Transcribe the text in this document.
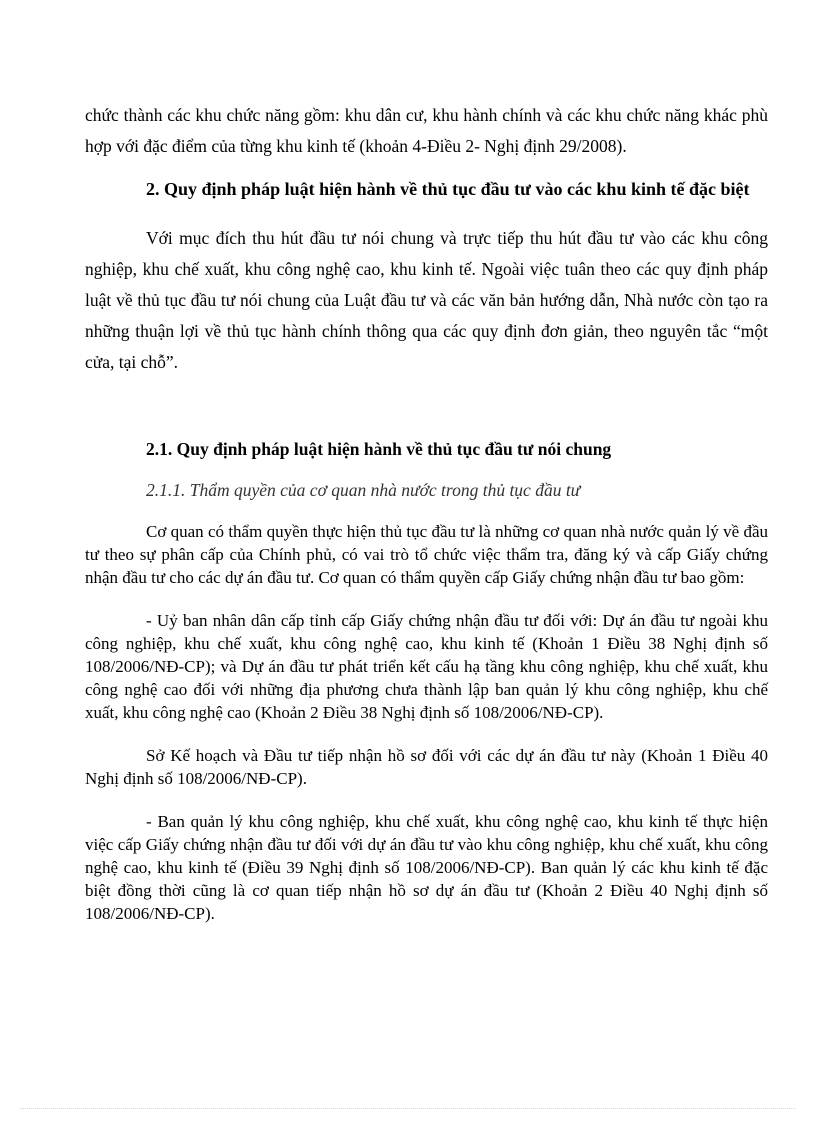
chức thành các khu chức năng gồm: khu dân cư, khu hành chính và các khu chức năng khác phù hợp với đặc điểm của từng khu kinh tế (khoản 4-Điều 2- Nghị định 29/2008).

2. Quy định pháp luật hiện hành về thủ tục đầu tư vào các khu kinh tế đặc biệt

Với mục đích thu hút đầu tư nói chung và trực tiếp thu hút đầu tư vào các khu công nghiệp, khu chế xuất, khu công nghệ cao, khu kinh tế. Ngoài việc tuân theo các quy định pháp luật về thủ tục đầu tư nói chung của Luật đầu tư và các văn bản hướng dẫn, Nhà nước còn tạo ra những thuận lợi về thủ tục hành chính thông qua các quy định đơn giản, theo nguyên tắc “một cửa, tại chỗ”.

2.1. Quy định pháp luật hiện hành về thủ tục đầu tư nói chung

2.1.1. Thẩm quyền của cơ quan nhà nước trong thủ tục đầu tư

Cơ quan có thẩm quyền thực hiện thủ tục đầu tư là những cơ quan nhà nước quản lý về đầu tư theo sự phân cấp của Chính phủ, có vai trò tổ chức việc thẩm tra, đăng ký và cấp Giấy chứng nhận đầu tư cho các dự án đầu tư. Cơ quan có thẩm quyền cấp Giấy chứng nhận đầu tư bao gồm:

- Uỷ ban nhân dân cấp tỉnh cấp Giấy chứng nhận đầu tư đối với: Dự án đầu tư ngoài khu công nghiệp, khu chế xuất, khu công nghệ cao, khu kinh tế (Khoản 1 Điều 38 Nghị định số 108/2006/NĐ-CP); và Dự án đầu tư phát triển kết cấu hạ tầng khu công nghiệp, khu chế xuất, khu công nghệ cao đối với những địa phương chưa thành lập ban quản lý khu công nghiệp, khu chế xuất, khu công nghệ cao (Khoản 2 Điều 38 Nghị định số 108/2006/NĐ-CP).

Sở Kế hoạch và Đầu tư tiếp nhận hồ sơ đối với các dự án đầu tư này (Khoản 1 Điều 40 Nghị định số 108/2006/NĐ-CP).

- Ban quản lý khu công nghiệp, khu chế xuất, khu công nghệ cao, khu kinh tế thực hiện việc cấp Giấy chứng nhận đầu tư đối với dự án đầu tư vào khu công nghiệp, khu chế xuất, khu công nghệ cao, khu kinh tế (Điều 39 Nghị định số 108/2006/NĐ-CP). Ban quản lý các khu kinh tế đặc biệt đồng thời cũng là cơ quan tiếp nhận hồ sơ dự án đầu tư (Khoản 2 Điều 40 Nghị định số 108/2006/NĐ-CP).
